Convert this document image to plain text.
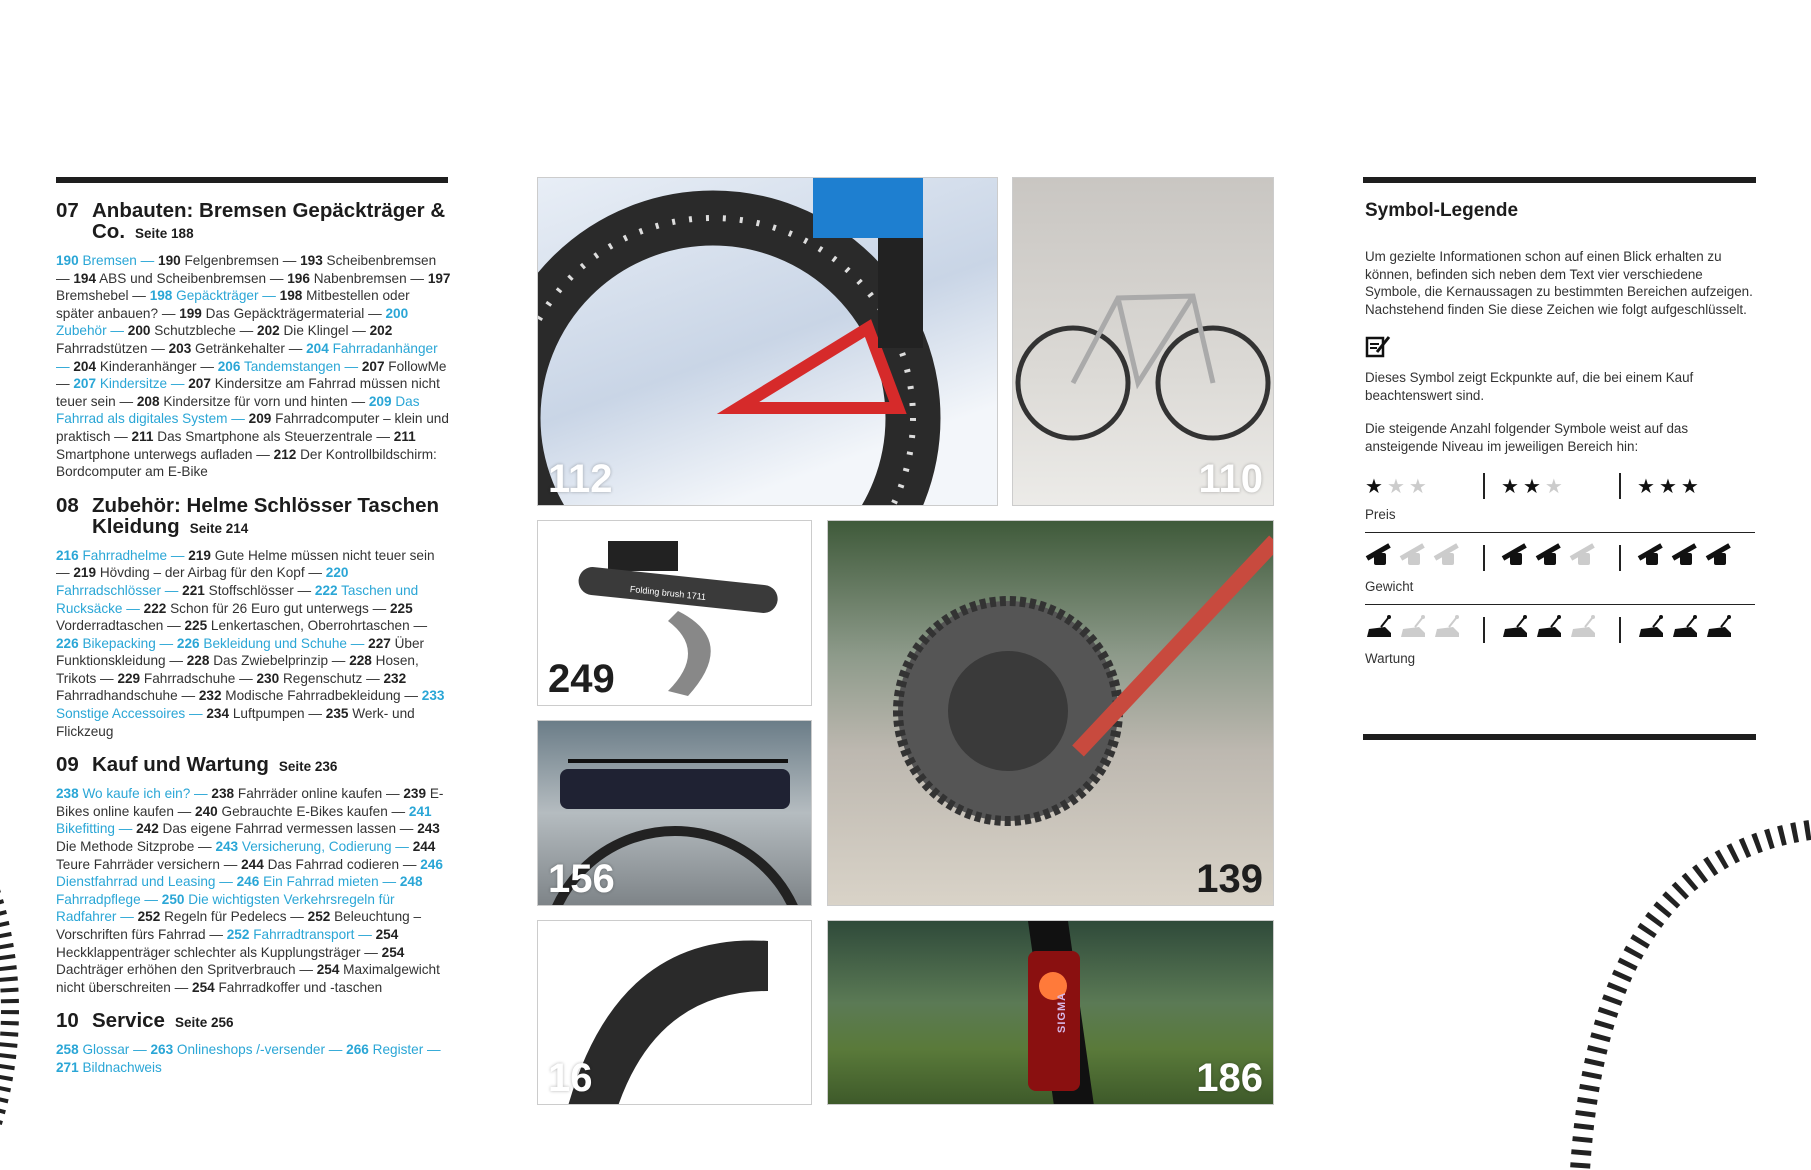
07 Anbauten: Bremsen Gepäckträger & Co. Seite 188
190 Bremsen — 190 Felgenbremsen — 193 Scheibenbremsen — 194 ABS und Scheibenbremsen — 196 Nabenbremsen — 197 Bremshebel — 198 Gepäckträger — 198 Mitbestellen oder später anbauen? — 199 Das Gepäckträgermaterial — 200 Zubehör — 200 Schutzbleche — 202 Die Klingel — 202 Fahrradstützen — 203 Getränkehalter — 204 Fahrradanhänger — 204 Kinderanhänger — 206 Tandemstangen — 207 FollowMe — 207 Kindersitze — 207 Kindersitze am Fahrrad müssen nicht teuer sein — 208 Kindersitze für vorn und hinten — 209 Das Fahrrad als digitales System — 209 Fahrradcomputer – klein und praktisch — 211 Das Smartphone als Steuerzentrale — 211 Smartphone unterwegs aufladen — 212 Der Kontrollbildschirm: Bordcomputer am E-Bike
08 Zubehör: Helme Schlösser Taschen Kleidung Seite 214
216 Fahrradhelme — 219 Gute Helme müssen nicht teuer sein — 219 Hövding – der Airbag für den Kopf — 220 Fahrradschlösser — 221 Stoffschlösser — 222 Taschen und Rucksäcke — 222 Schon für 26 Euro gut unterwegs — 225 Vorderradtaschen — 225 Lenkertaschen, Oberrohrtaschen — 226 Bikepacking — 226 Bekleidung und Schuhe — 227 Über Funktionskleidung — 228 Das Zwiebelprinzip — 228 Hosen, Trikots — 229 Fahrradschuhe — 230 Regenschutz — 232 Fahrradhandschuhe — 232 Modische Fahrradbekleidung — 233 Sonstige Accessoires — 234 Luftpumpen — 235 Werk- und Flickzeug
09 Kauf und Wartung Seite 236
238 Wo kaufe ich ein? — 238 Fahrräder online kaufen — 239 E-Bikes online kaufen — 240 Gebrauchte E-Bikes kaufen — 241 Bikefitting — 242 Das eigene Fahrrad vermessen lassen — 243 Die Methode Sitzprobe — 243 Versicherung, Codierung — 244 Teure Fahrräder versichern — 244 Das Fahrrad codieren — 246 Dienstfahrrad und Leasing — 246 Ein Fahrrad mieten — 248 Fahrradpflege — 250 Die wichtigsten Verkehrsregeln für Radfahrer — 252 Regeln für Pedelecs — 252 Beleuchtung – Vorschriften fürs Fahrrad — 252 Fahrradtransport — 254 Heckklappenträger schlechter als Kupplungsträger — 254 Dachträger erhöhen den Spritverbrauch — 254 Maximalgewicht nicht überschreiten — 254 Fahrradkoffer und -taschen
10 Service Seite 256
258 Glossar — 263 Onlineshops /-versender — 266 Register — 271 Bildnachweis
112	110
Folding brush 1711
249
139
156
16
SIGMA
186
Symbol-Legende

Um gezielte Informationen schon auf einen Blick erhalten zu können, befinden sich neben dem Text vier verschiedene Symbole, die Kernaussagen zu bestimmten Bereichen aufzeigen. Nachstehend finden Sie diese Zeichen wie folgt aufgeschlüsselt.

Dieses Symbol zeigt Eckpunkte auf, die bei einem Kauf beachtenswert sind.

Die steigende Anzahl folgender Symbole weist auf das ansteigende Niveau im jeweiligen Bereich hin:

★ ★ ★	★ ★ ★	★ ★ ★
Preis
Gewicht
Wartung
